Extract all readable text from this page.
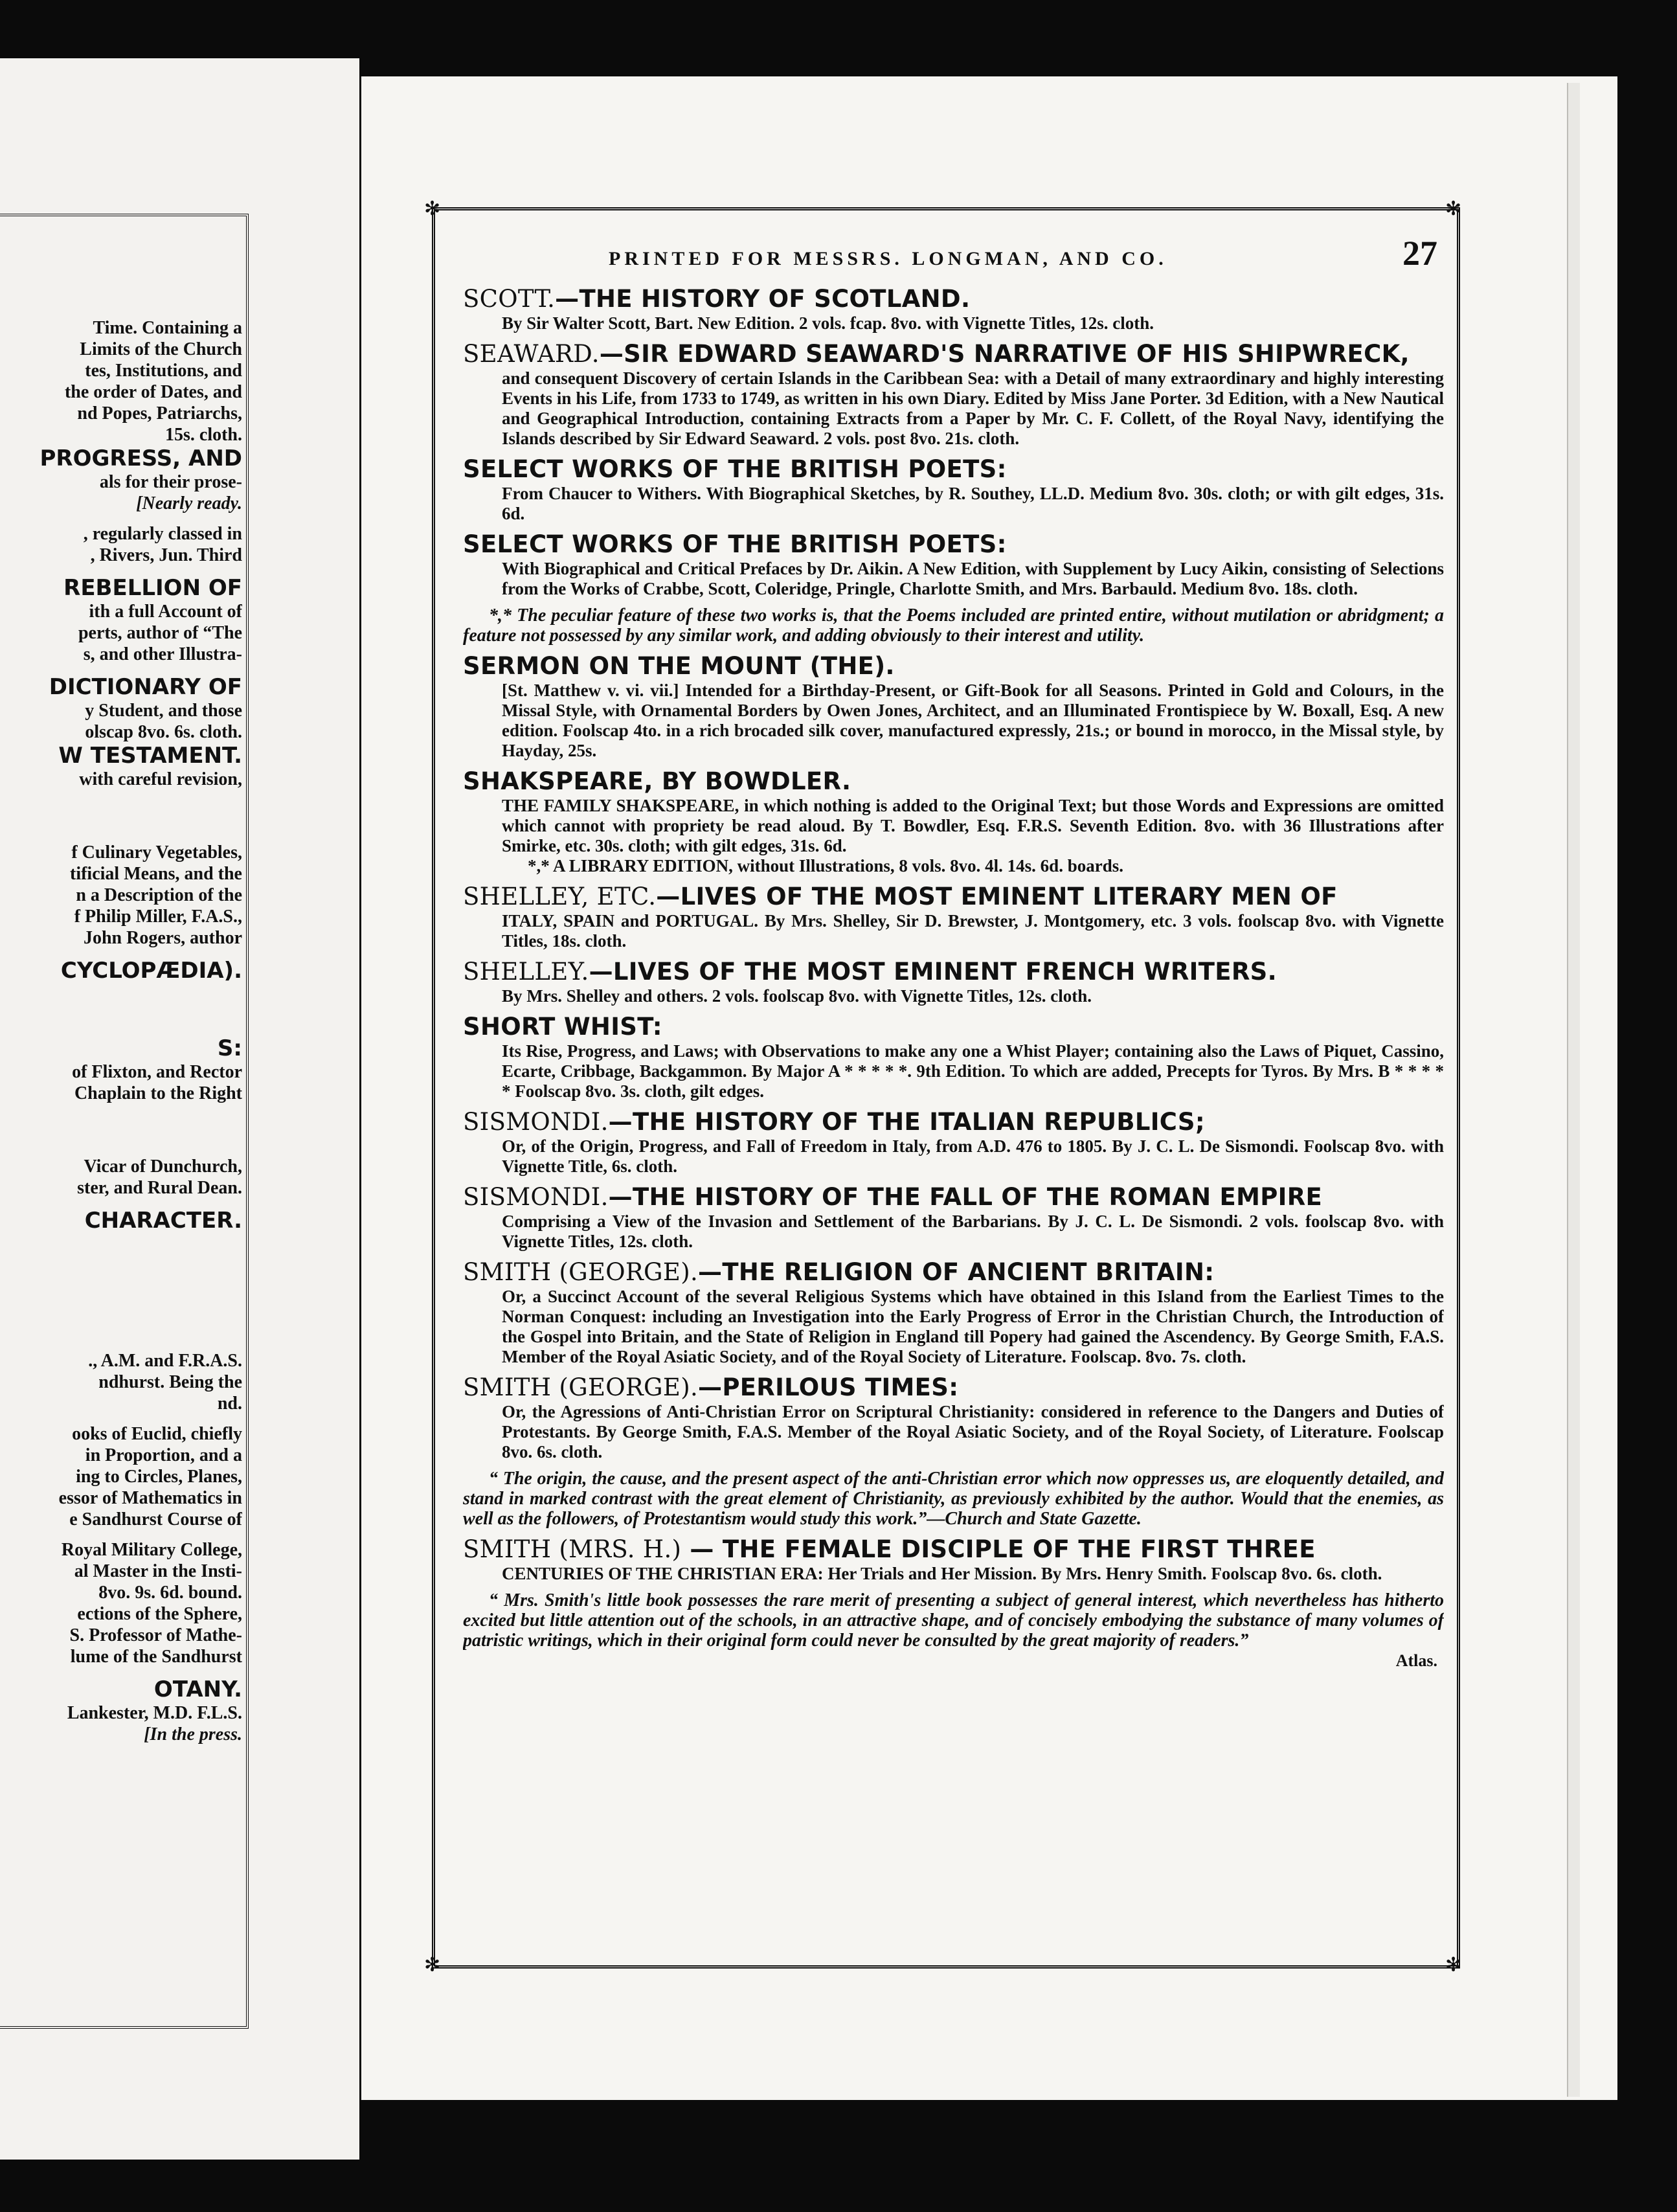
Time. Containing a
Limits of the Church
tes, Institutions, and
the order of Dates, and
nd Popes, Patriarchs,
15s. cloth.
PROGRESS, AND
als for their prose-
[Nearly ready.
, regularly classed in
, Rivers, Jun. Third
REBELLION OF
ith a full Account of
perts, author of “The
s, and other Illustra-
DICTIONARY OF
y Student, and those
olscap 8vo. 6s. cloth.
W TESTAMENT.
with careful revision,
f Culinary Vegetables,
tificial Means, and the
n a Description of the
f Philip Miller, F.A.S.,
John Rogers, author
CYCLOPÆDIA).
S:
of Flixton, and Rector
Chaplain to the Right
Vicar of Dunchurch,
ster, and Rural Dean.
CHARACTER.
., A.M. and F.R.A.S.
ndhurst. Being the
nd.
ooks of Euclid, chiefly
in Proportion, and a
ing to Circles, Planes,
essor of Mathematics in
e Sandhurst Course of
Royal Military College,
al Master in the Insti-
8vo. 9s. 6d. bound.
ections of the Sphere,
S. Professor of Mathe-
lume of the Sandhurst
OTANY.
Lankester, M.D. F.L.S.
[In the press.
✻	✻
✻	✻
PRINTED FOR MESSRS. LONGMAN, AND CO.	27
SCOTT.—THE HISTORY OF SCOTLAND.
By Sir Walter Scott, Bart. New Edition. 2 vols. fcap. 8vo. with Vignette Titles, 12s. cloth.
SEAWARD.—SIR EDWARD SEAWARD'S NARRATIVE OF HIS SHIPWRECK,
and consequent Discovery of certain Islands in the Caribbean Sea: with a Detail of many extraordinary and highly interesting Events in his Life, from 1733 to 1749, as written in his own Diary. Edited by Miss Jane Porter. 3d Edition, with a New Nautical and Geographical Introduction, containing Extracts from a Paper by Mr. C. F. Collett, of the Royal Navy, identifying the Islands described by Sir Edward Seaward. 2 vols. post 8vo. 21s. cloth.
SELECT WORKS OF THE BRITISH POETS:
From Chaucer to Withers. With Biographical Sketches, by R. Southey, LL.D. Medium 8vo. 30s. cloth; or with gilt edges, 31s. 6d.
SELECT WORKS OF THE BRITISH POETS:
With Biographical and Critical Prefaces by Dr. Aikin. A New Edition, with Supplement by Lucy Aikin, consisting of Selections from the Works of Crabbe, Scott, Coleridge, Pringle, Charlotte Smith, and Mrs. Barbauld. Medium 8vo. 18s. cloth.
*,* The peculiar feature of these two works is, that the Poems included are printed entire, without mutilation or abridgment; a feature not possessed by any similar work, and adding obviously to their interest and utility.
SERMON ON THE MOUNT (THE).
[St. Matthew v. vi. vii.] Intended for a Birthday-Present, or Gift-Book for all Seasons. Printed in Gold and Colours, in the Missal Style, with Ornamental Borders by Owen Jones, Architect, and an Illuminated Frontispiece by W. Boxall, Esq. A new edition. Foolscap 4to. in a rich brocaded silk cover, manufactured expressly, 21s.; or bound in morocco, in the Missal style, by Hayday, 25s.
SHAKSPEARE, BY BOWDLER.
THE FAMILY SHAKSPEARE, in which nothing is added to the Original Text; but those Words and Expressions are omitted which cannot with propriety be read aloud. By T. Bowdler, Esq. F.R.S. Seventh Edition. 8vo. with 36 Illustrations after Smirke, etc. 30s. cloth; with gilt edges, 31s. 6d.
*,* A LIBRARY EDITION, without Illustrations, 8 vols. 8vo. 4l. 14s. 6d. boards.
SHELLEY, ETC.—LIVES OF THE MOST EMINENT LITERARY MEN OF
ITALY, SPAIN and PORTUGAL. By Mrs. Shelley, Sir D. Brewster, J. Montgomery, etc. 3 vols. foolscap 8vo. with Vignette Titles, 18s. cloth.
SHELLEY.—LIVES OF THE MOST EMINENT FRENCH WRITERS.
By Mrs. Shelley and others. 2 vols. foolscap 8vo. with Vignette Titles, 12s. cloth.
SHORT WHIST:
Its Rise, Progress, and Laws; with Observations to make any one a Whist Player; containing also the Laws of Piquet, Cassino, Ecarte, Cribbage, Backgammon. By Major A * * * * *. 9th Edition. To which are added, Precepts for Tyros. By Mrs. B * * * * * Foolscap 8vo. 3s. cloth, gilt edges.
SISMONDI.—THE HISTORY OF THE ITALIAN REPUBLICS;
Or, of the Origin, Progress, and Fall of Freedom in Italy, from A.D. 476 to 1805. By J. C. L. De Sismondi. Foolscap 8vo. with Vignette Title, 6s. cloth.
SISMONDI.—THE HISTORY OF THE FALL OF THE ROMAN EMPIRE
Comprising a View of the Invasion and Settlement of the Barbarians. By J. C. L. De Sismondi. 2 vols. foolscap 8vo. with Vignette Titles, 12s. cloth.
SMITH (GEORGE).—THE RELIGION OF ANCIENT BRITAIN:
Or, a Succinct Account of the several Religious Systems which have obtained in this Island from the Earliest Times to the Norman Conquest: including an Investigation into the Early Progress of Error in the Christian Church, the Introduction of the Gospel into Britain, and the State of Religion in England till Popery had gained the Ascendency. By George Smith, F.A.S. Member of the Royal Asiatic Society, and of the Royal Society of Literature. Foolscap. 8vo. 7s. cloth.
SMITH (GEORGE).—PERILOUS TIMES:
Or, the Agressions of Anti-Christian Error on Scriptural Christianity: considered in reference to the Dangers and Duties of Protestants. By George Smith, F.A.S. Member of the Royal Asiatic Society, and of the Royal Society, of Literature. Foolscap 8vo. 6s. cloth.
“ The origin, the cause, and the present aspect of the anti-Christian error which now oppresses us, are eloquently detailed, and stand in marked contrast with the great element of Christianity, as previously exhibited by the author. Would that the enemies, as well as the followers, of Protestantism would study this work.”—Church and State Gazette.
SMITH (MRS. H.) — THE FEMALE DISCIPLE OF THE FIRST THREE
CENTURIES OF THE CHRISTIAN ERA: Her Trials and Her Mission. By Mrs. Henry Smith. Foolscap 8vo. 6s. cloth.
“ Mrs. Smith's little book possesses the rare merit of presenting a subject of general interest, which nevertheless has hitherto excited but little attention out of the schools, in an attractive shape, and of concisely embodying the substance of many volumes of patristic writings, which in their original form could never be consulted by the great majority of readers.”
Atlas.
